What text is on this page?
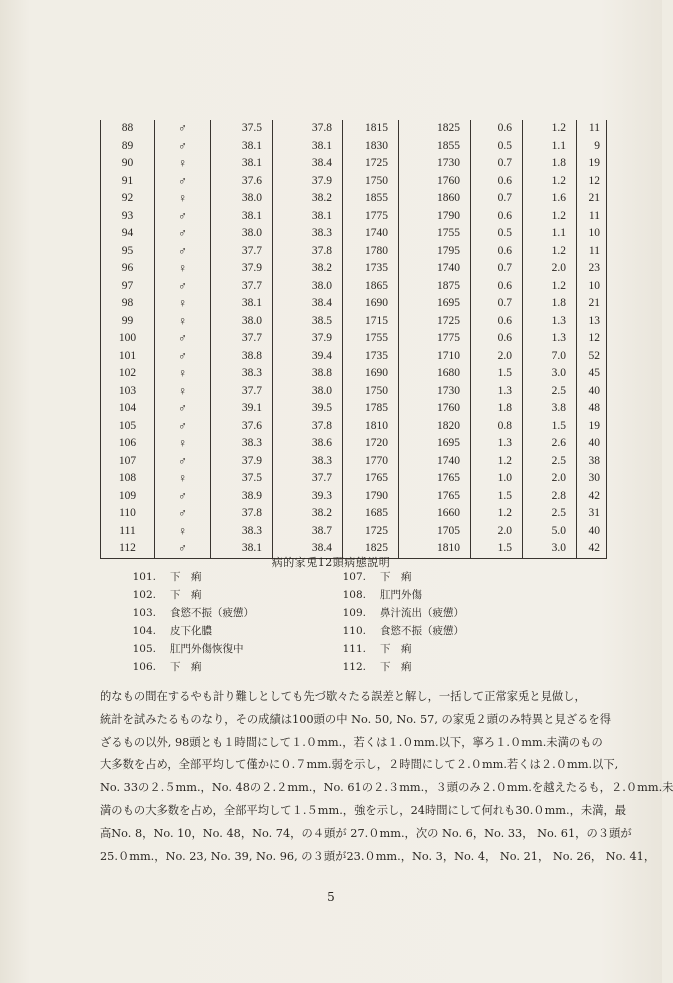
88	♂	37.5	37.8	1815	1825	0.6	1.2	11
89	♂	38.1	38.1	1830	1855	0.5	1.1	9
90	♀	38.1	38.4	1725	1730	0.7	1.8	19
91	♂	37.6	37.9	1750	1760	0.6	1.2	12
92	♀	38.0	38.2	1855	1860	0.7	1.6	21
93	♂	38.1	38.1	1775	1790	0.6	1.2	11
94	♂	38.0	38.3	1740	1755	0.5	1.1	10
95	♂	37.7	37.8	1780	1795	0.6	1.2	11
96	♀	37.9	38.2	1735	1740	0.7	2.0	23
97	♂	37.7	38.0	1865	1875	0.6	1.2	10
98	♀	38.1	38.4	1690	1695	0.7	1.8	21
99	♀	38.0	38.5	1715	1725	0.6	1.3	13
100	♂	37.7	37.9	1755	1775	0.6	1.3	12
101	♂	38.8	39.4	1735	1710	2.0	7.0	52
102	♀	38.3	38.8	1690	1680	1.5	3.0	45
103	♀	37.7	38.0	1750	1730	1.3	2.5	40
104	♂	39.1	39.5	1785	1760	1.8	3.8	48
105	♂	37.6	37.8	1810	1820	0.8	1.5	19
106	♀	38.3	38.6	1720	1695	1.3	2.6	40
107	♂	37.9	38.3	1770	1740	1.2	2.5	38
108	♀	37.5	37.7	1765	1765	1.0	2.0	30
109	♂	38.9	39.3	1790	1765	1.5	2.8	42
110	♂	37.8	38.2	1685	1660	1.2	2.5	31
111	♀	38.3	38.7	1725	1705	2.0	5.0	40
112	♂	38.1	38.4	1825	1810	1.5	3.0	42
病的家兎12頭病態説明
101. 下　痢
102. 下　痢
103. 食慾不振（疲憊）
104. 皮下化膿
105. 肛門外傷恢復中
106. 下　痢
107. 下　痢
108. 肛門外傷
109. 鼻汁流出（疲憊）
110. 食慾不振（疲憊）
111. 下　痢
112. 下　痢
的なもの間在するやも計り難しとしても先づ歇々たる誤差と解し，一括して正常家兎と見做し，
統計を試みたるものなり，その成績は100頭の中 No. 50, No. 57, の家兎２頭のみ特異と見ざるを得
ざるもの以外, 98頭とも１時間にして１.０mm.，若くは１.０mm.以下，寧ろ１.０mm.未満のもの
大多数を占め，全部平均して僅かに０.７mm.弱を示し，２時間にして２.０mm.若くは２.０mm.以下,
No. 33の２.５mm.，No. 48の２.２mm.，No. 61の２.３mm.，３頭のみ２.０mm.を越えたるも，２.０mm.未
満のもの大多数を占め，全部平均して１.５mm.，強を示し，24時間にして何れも30.０mm.，未満，最
高No. 8，No. 10，No. 48，No. 74，の４頭が 27.０mm.，次の No. 6，No. 33， No. 61，の３頭が
25.０mm.，No. 23, No. 39, No. 96, の３頭が23.０mm.，No. 3，No. 4， No. 21， No. 26， No. 41，
5
